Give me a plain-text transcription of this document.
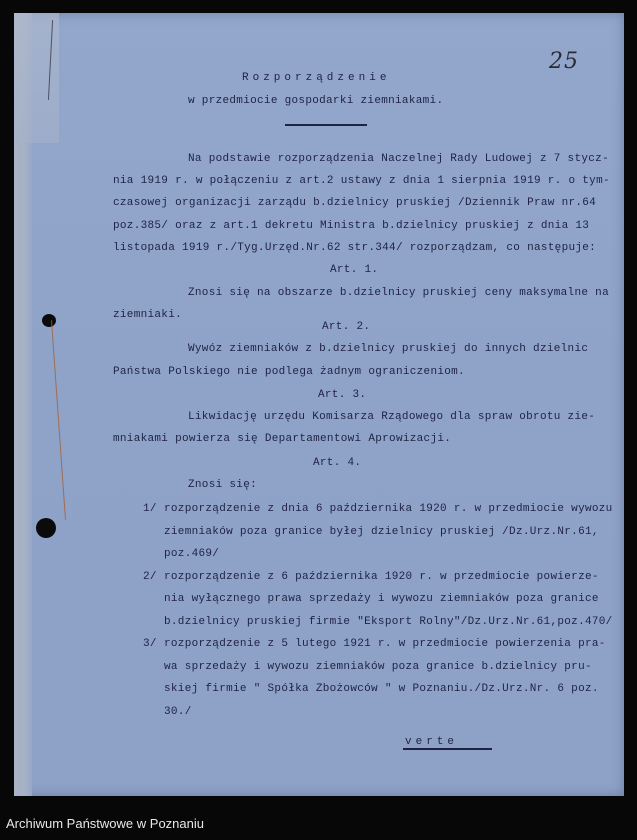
25
Rozporządzenie
w przedmiocie gospodarki ziemniakami.
Na podstawie rozporządzenia Naczelnej Rady Ludowej z 7 stycz-
nia 1919 r. w połączeniu z art.2 ustawy z dnia 1 sierpnia 1919 r. o tym-
czasowej organizacji zarządu b.dzielnicy pruskiej /Dziennik Praw nr.64
poz.385/ oraz z art.1 dekretu Ministra b.dzielnicy pruskiej z dnia 13
listopada 1919 r./Tyg.Urzęd.Nr.62 str.344/ rozporządzam, co następuje:
Art. 1.
Znosi się na obszarze b.dzielnicy pruskiej ceny maksymalne na
ziemniaki.
Art. 2.
Wywóz ziemniaków z b.dzielnicy pruskiej do innych dzielnic
Państwa Polskiego nie podlega żadnym ograniczeniom.
Art. 3.
Likwidację urzędu Komisarza Rządowego dla spraw obrotu zie-
mniakami powierza się Departamentowi Aprowizacji.
Art. 4.
Znosi się:
1/ rozporządzenie z dnia 6 października 1920 r. w przedmiocie wywozu
ziemniaków poza granice byłej dzielnicy pruskiej /Dz.Urz.Nr.61,
poz.469/
2/ rozporządzenie z 6 października 1920 r. w przedmiocie powierze-
nia wyłącznego prawa sprzedaży i wywozu ziemniaków poza granice
b.dzielnicy pruskiej firmie "Eksport Rolny"/Dz.Urz.Nr.61,poz.470/
3/ rozporządzenie z 5 lutego 1921 r. w przedmiocie powierzenia pra-
wa sprzedaży i wywozu ziemniaków poza granice b.dzielnicy pru-
skiej firmie " Spółka Zbożowców " w Poznaniu./Dz.Urz.Nr. 6 poz.
30./
verte
Archiwum Państwowe w Poznaniu
